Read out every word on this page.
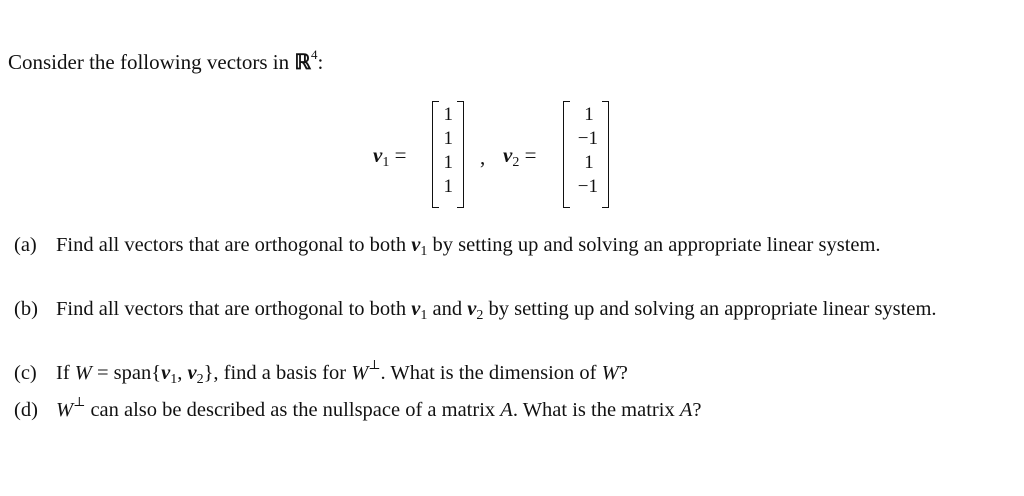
Consider the following vectors in ℝ$^4$:
$v_1$ =
1
1
1
1
, $v_2$ =
1
−1
1
−1
(a) Find all vectors that are orthogonal to both $v_1$ by setting up and solving an appropriate linear system.
(b) Find all vectors that are orthogonal to both $v_1$ and $v_2$ by setting up and solving an appropriate linear system.
(c) If $W = span\{v_1$, $v_2$}, find a basis for W⊥. What is the dimension of W?
(d) W⊥ can also be described as the nullspace of a matrix A. What is the matrix A?
